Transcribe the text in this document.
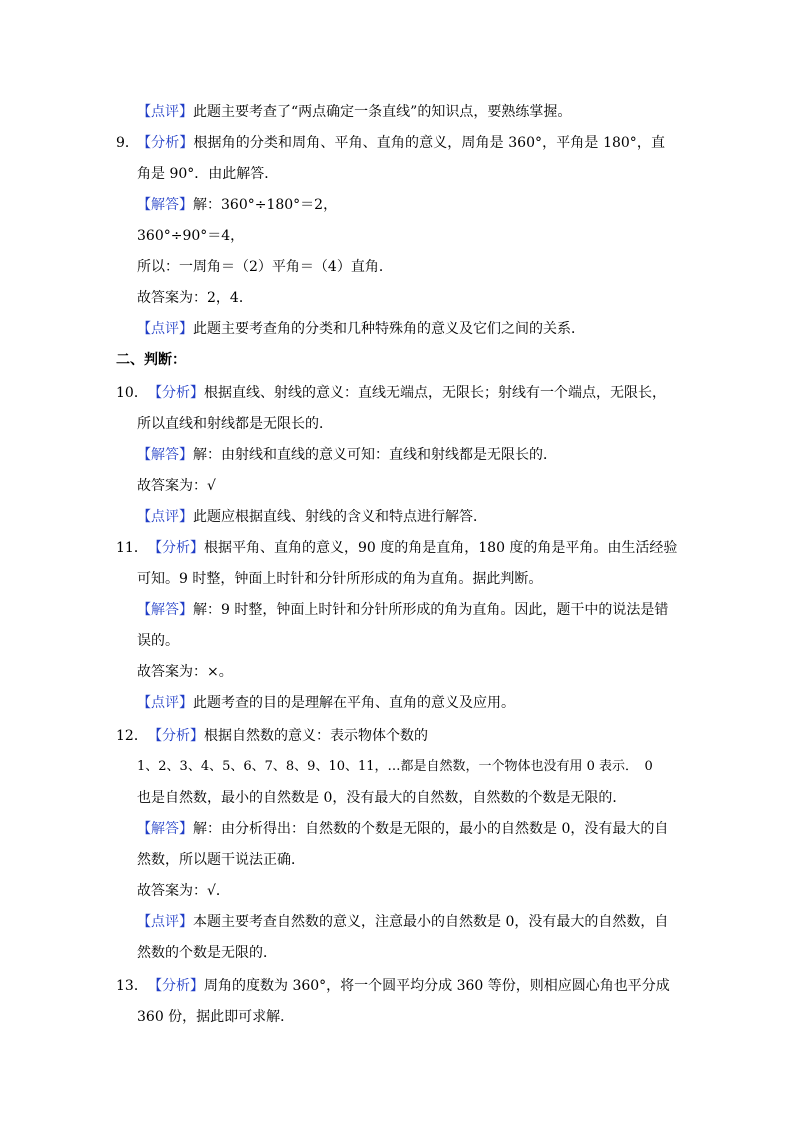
【点评】此题主要考查了“两点确定一条直线”的知识点，要熟练掌握。
9．
【分析】根据角的分类和周角、平角、直角的意义，周角是 360°，平角是 180°，直
角是 90°．由此解答．
【解答】解：360°÷180°＝2，
360°÷90°＝4，
所以：一周角＝（2）平角＝（4）直角．
故答案为：2，4．
【点评】此题主要考查角的分类和几种特殊角的意义及它们之间的关系．
二、判断：
10． 【分析】根据直线、射线的意义：直线无端点，无限长；射线有一个端点，无限长，
所以直线和射线都是无限长的．
【解答】解：由射线和直线的意义可知：直线和射线都是无限长的．
故答案为：√
【点评】此题应根据直线、射线的含义和特点进行解答．
11． 【分析】根据平角、直角的意义，90 度的角是直角，180 度的角是平角。由生活经验
可知。9 时整，钟面上时针和分针所形成的角为直角。据此判断。
【解答】解：9 时整，钟面上时针和分针所形成的角为直角。因此，题干中的说法是错
误的。
故答案为：×。
【点评】此题考查的目的是理解在平角、直角的意义及应用。
12． 【分析】根据自然数的意义：表示物体个数的
1、2、3、4、5、6、7、8、9、10、11，…都是自然数，一个物体也没有用 0 表示．　0
也是自然数，最小的自然数是 0，没有最大的自然数，自然数的个数是无限的．
【解答】解：由分析得出：自然数的个数是无限的，最小的自然数是 0，没有最大的自
然数，所以题干说法正确．
故答案为：√．
【点评】本题主要考查自然数的意义，注意最小的自然数是 0，没有最大的自然数，自
然数的个数是无限的．
13． 【分析】周角的度数为 360°，将一个圆平均分成 360 等份，则相应圆心角也平分成
360 份，据此即可求解．
